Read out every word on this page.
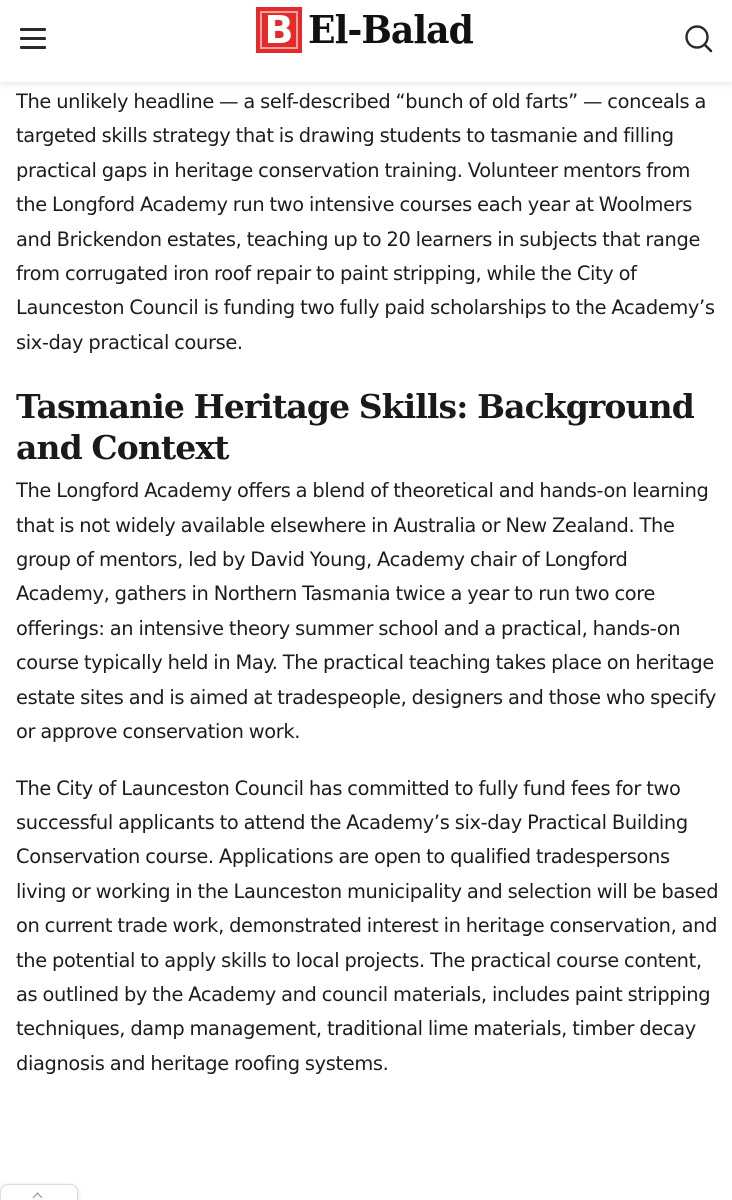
B El-Balad

The unlikely headline — a self-described “bunch of old farts” — conceals a targeted skills strategy that is drawing students to tasmanie and filling practical gaps in heritage conservation training. Volunteer mentors from the Longford Academy run two intensive courses each year at Woolmers and Brickendon estates, teaching up to 20 learners in subjects that range from corrugated iron roof repair to paint stripping, while the City of Launceston Council is funding two fully paid scholarships to the Academy’s six-day practical course.

Tasmanie Heritage Skills: Background and Context

The Longford Academy offers a blend of theoretical and hands-on learning that is not widely available elsewhere in Australia or New Zealand. The group of mentors, led by David Young, Academy chair of Longford Academy, gathers in Northern Tasmania twice a year to run two core offerings: an intensive theory summer school and a practical, hands-on course typically held in May. The practical teaching takes place on heritage estate sites and is aimed at tradespeople, designers and those who specify or approve conservation work.

The City of Launceston Council has committed to fully fund fees for two successful applicants to attend the Academy’s six-day Practical Building Conservation course. Applications are open to qualified tradespersons living or working in the Launceston municipality and selection will be based on current trade work, demonstrated interest in heritage conservation, and the potential to apply skills to local projects. The practical course content, as outlined by the Academy and council materials, includes paint stripping techniques, damp management, traditional lime materials, timber decay diagnosis and heritage roofing systems.
